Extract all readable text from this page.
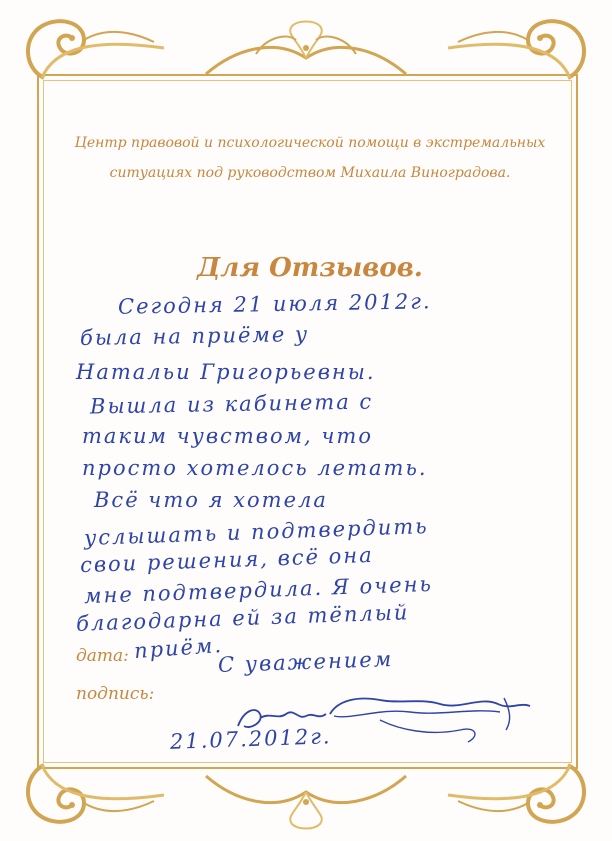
Центр правовой и психологической помощи в экстремальных
ситуациях под руководством Михаила Виноградова.
Для Отзывов.
Сегодня 21 июля 2012г.
была на приёме у
Натальи Григорьевны.
Вышла из кабинета с
таким чувством, что
просто хотелось летать.
Всё что я хотела
услышать и подтвердить
свои решения, всё она
мне подтвердила. Я очень
благодарна ей за тёплый
приём.
С уважением
21.07.2012г.
дата:
подпись:
